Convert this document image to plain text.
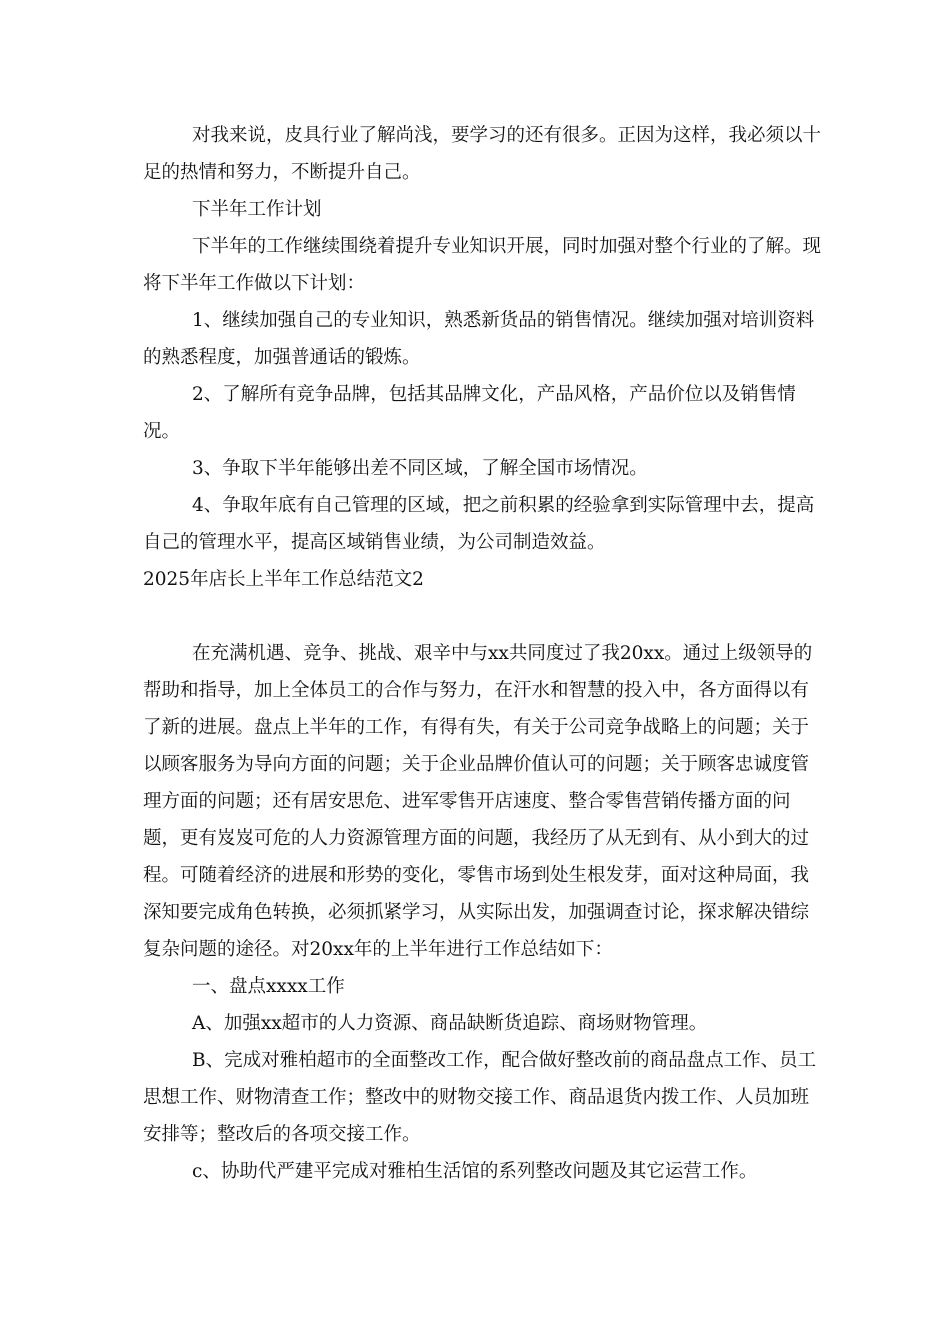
对我来说，皮具行业了解尚浅，要学习的还有很多。正因为这样，我必须以十足的热情和努力，不断提升自己。

下半年工作计划

下半年的工作继续围绕着提升专业知识开展，同时加强对整个行业的了解。现将下半年工作做以下计划：

1、继续加强自己的专业知识，熟悉新货品的销售情况。继续加强对培训资料的熟悉程度，加强普通话的锻炼。

2、了解所有竞争品牌，包括其品牌文化，产品风格，产品价位以及销售情况。

3、争取下半年能够出差不同区域，了解全国市场情况。

4、争取年底有自己管理的区域，把之前积累的经验拿到实际管理中去，提高自己的管理水平，提高区域销售业绩，为公司制造效益。

2025年店长上半年工作总结范文2

在充满机遇、竞争、挑战、艰辛中与xx共同度过了我20xx。通过上级领导的帮助和指导，加上全体员工的合作与努力，在汗水和智慧的投入中，各方面得以有了新的进展。盘点上半年的工作，有得有失，有关于公司竞争战略上的问题；关于以顾客服务为导向方面的问题；关于企业品牌价值认可的问题；关于顾客忠诚度管理方面的问题；还有居安思危、进军零售开店速度、整合零售营销传播方面的问题，更有岌岌可危的人力资源管理方面的问题，我经历了从无到有、从小到大的过程。可随着经济的进展和形势的变化，零售市场到处生根发芽，面对这种局面，我深知要完成角色转换，必须抓紧学习，从实际出发，加强调查讨论，探求解决错综复杂问题的途径。对20xx年的上半年进行工作总结如下：

一、盘点xxxx工作

A、加强xx超市的人力资源、商品缺断货追踪、商场财物管理。

B、完成对雅柏超市的全面整改工作，配合做好整改前的商品盘点工作、员工思想工作、财物清查工作；整改中的财物交接工作、商品退货内拨工作、人员加班安排等；整改后的各项交接工作。

c、协助代严建平完成对雅柏生活馆的系列整改问题及其它运营工作。
